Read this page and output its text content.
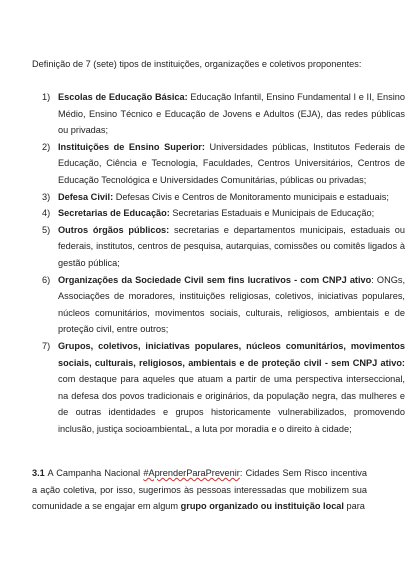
Definição de 7 (sete) tipos de instituições, organizações e coletivos proponentes:
1) Escolas de Educação Básica: Educação Infantil, Ensino Fundamental I e II, Ensino Médio, Ensino Técnico e Educação de Jovens e Adultos (EJA), das redes públicas ou privadas;
2) Instituições de Ensino Superior: Universidades públicas, Institutos Federais de Educação, Ciência e Tecnologia, Faculdades, Centros Universitários, Centros de Educação Tecnológica e Universidades Comunitárias, públicas ou privadas;
3) Defesa Civil: Defesas Civis e Centros de Monitoramento municipais e estaduais;
4) Secretarias de Educação: Secretarias Estaduais e Municipais de Educação;
5) Outros órgãos públicos: secretarias e departamentos municipais, estaduais ou federais, institutos, centros de pesquisa, autarquias, comissões ou comitês ligados à gestão pública;
6) Organizações da Sociedade Civil sem fins lucrativos - com CNPJ ativo: ONGs, Associações de moradores, instituições religiosas, coletivos, iniciativas populares, núcleos comunitários, movimentos sociais, culturais, religiosos, ambientais e de proteção civil, entre outros;
7) Grupos, coletivos, iniciativas populares, núcleos comunitários, movimentos sociais, culturais, religiosos, ambientais e de proteção civil - sem CNPJ ativo: com destaque para aqueles que atuam a partir de uma perspectiva interseccional, na defesa dos povos tradicionais e originários, da população negra, das mulheres e de outras identidades e grupos historicamente vulnerabilizados, promovendo inclusão, justiça socioambientaL, a luta por moradia e o direito à cidade;
3.1 A Campanha Nacional #AprenderParaPrevenir: Cidades Sem Risco incentiva a ação coletiva, por isso, sugerimos às pessoas interessadas que mobilizem sua comunidade a se engajar em algum grupo organizado ou instituição local para
